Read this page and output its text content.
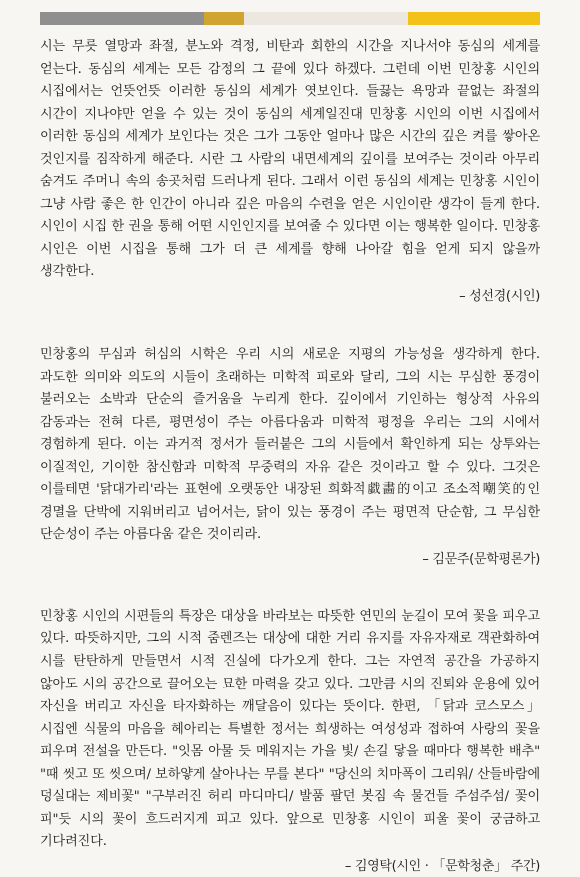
시는 무릇 열망과 좌절, 분노와 격정, 비탄과 회한의 시간을 지나서야 동심의 세계를 얻는다. 동심의 세계는 모든 감정의 그 끝에 있다 하겠다. 그런데 이번 민창홍 시인의 시집에서는 언뜻언뜻 이러한 동심의 세계가 엿보인다. 들끓는 욕망과 끝없는 좌절의 시간이 지나야만 얻을 수 있는 것이 동심의 세계일진대 민창홍 시인의 이번 시집에서 이러한 동심의 세계가 보인다는 것은 그가 그동안 얼마나 많은 시간의 깊은 켜를 쌓아온 것인지를 짐작하게 해준다. 시란 그 사람의 내면세계의 깊이를 보여주는 것이라 아무리 숨겨도 주머니 속의 송곳처럼 드러나게 된다. 그래서 이런 동심의 세계는 민창홍 시인이 그냥 사람 좋은 한 인간이 아니라 깊은 마음의 수련을 얻은 시인이란 생각이 들게 한다. 시인이 시집 한 권을 통해 어떤 시인인지를 보여줄 수 있다면 이는 행복한 일이다. 민창홍 시인은 이번 시집을 통해 그가 더 큰 세계를 향해 나아갈 힘을 얻게 되지 않을까 생각한다.

– 성선경(시인)

민창홍의 무심과 허심의 시학은 우리 시의 새로운 지평의 가능성을 생각하게 한다. 과도한 의미와 의도의 시들이 초래하는 미학적 피로와 달리, 그의 시는 무심한 풍경이 불러오는 소박과 단순의 즐거움을 누리게 한다. 깊이에서 기인하는 형상적 사유의 감동과는 전혀 다른, 평면성이 주는 아름다움과 미학적 평정을 우리는 그의 시에서 경험하게 된다. 이는 과거적 정서가 들러붙은 그의 시들에서 확인하게 되는 상투와는 이질적인, 기이한 참신함과 미학적 무중력의 자유 같은 것이라고 할 수 있다. 그것은 이를테면 '닭대가리'라는 표현에 오랫동안 내장된 희화적戱畵的이고 조소적嘲笑的인 경멸을 단박에 지워버리고 넘어서는, 닭이 있는 풍경이 주는 평면적 단순함, 그 무심한 단순성이 주는 아름다움 같은 것이리라.

– 김문주(문학평론가)

민창홍 시인의 시편들의 특장은 대상을 바라보는 따뜻한 연민의 눈길이 모여 꽃을 피우고 있다. 따뜻하지만, 그의 시적 줌렌즈는 대상에 대한 거리 유지를 자유자재로 객관화하여 시를 탄탄하게 만들면서 시적 진실에 다가오게 한다. 그는 자연적 공간을 가공하지 않아도 시의 공간으로 끌어오는 묘한 마력을 갖고 있다. 그만큼 시의 진퇴와 운용에 있어 자신을 버리고 자신을 타자화하는 깨달음이 있다는 뜻이다. 한편, 「닭과 코스모스」 시집엔 식물의 마음을 헤아리는 특별한 정서는 희생하는 여성성과 접하여 사랑의 꽃을 피우며 전설을 만든다. "잇몸 아물 듯 메워지는 가을 빛/ 손길 닿을 때마다 행복한 배추" "때 씻고 또 씻으며/ 보하얗게 살아나는 무를 본다" "당신의 치마폭이 그리워/ 산들바람에 덩실대는 제비꽃" "구부러진 허리 마디마디/ 발품 팔던 봇짐 속 물건들 주섬주섬/ 꽃이 피"듯 시의 꽃이 흐드러지게 피고 있다. 앞으로 민창홍 시인이 피울 꽃이 궁금하고 기다려진다.

– 김영탁(시인 · 「문학청춘」 주간)
